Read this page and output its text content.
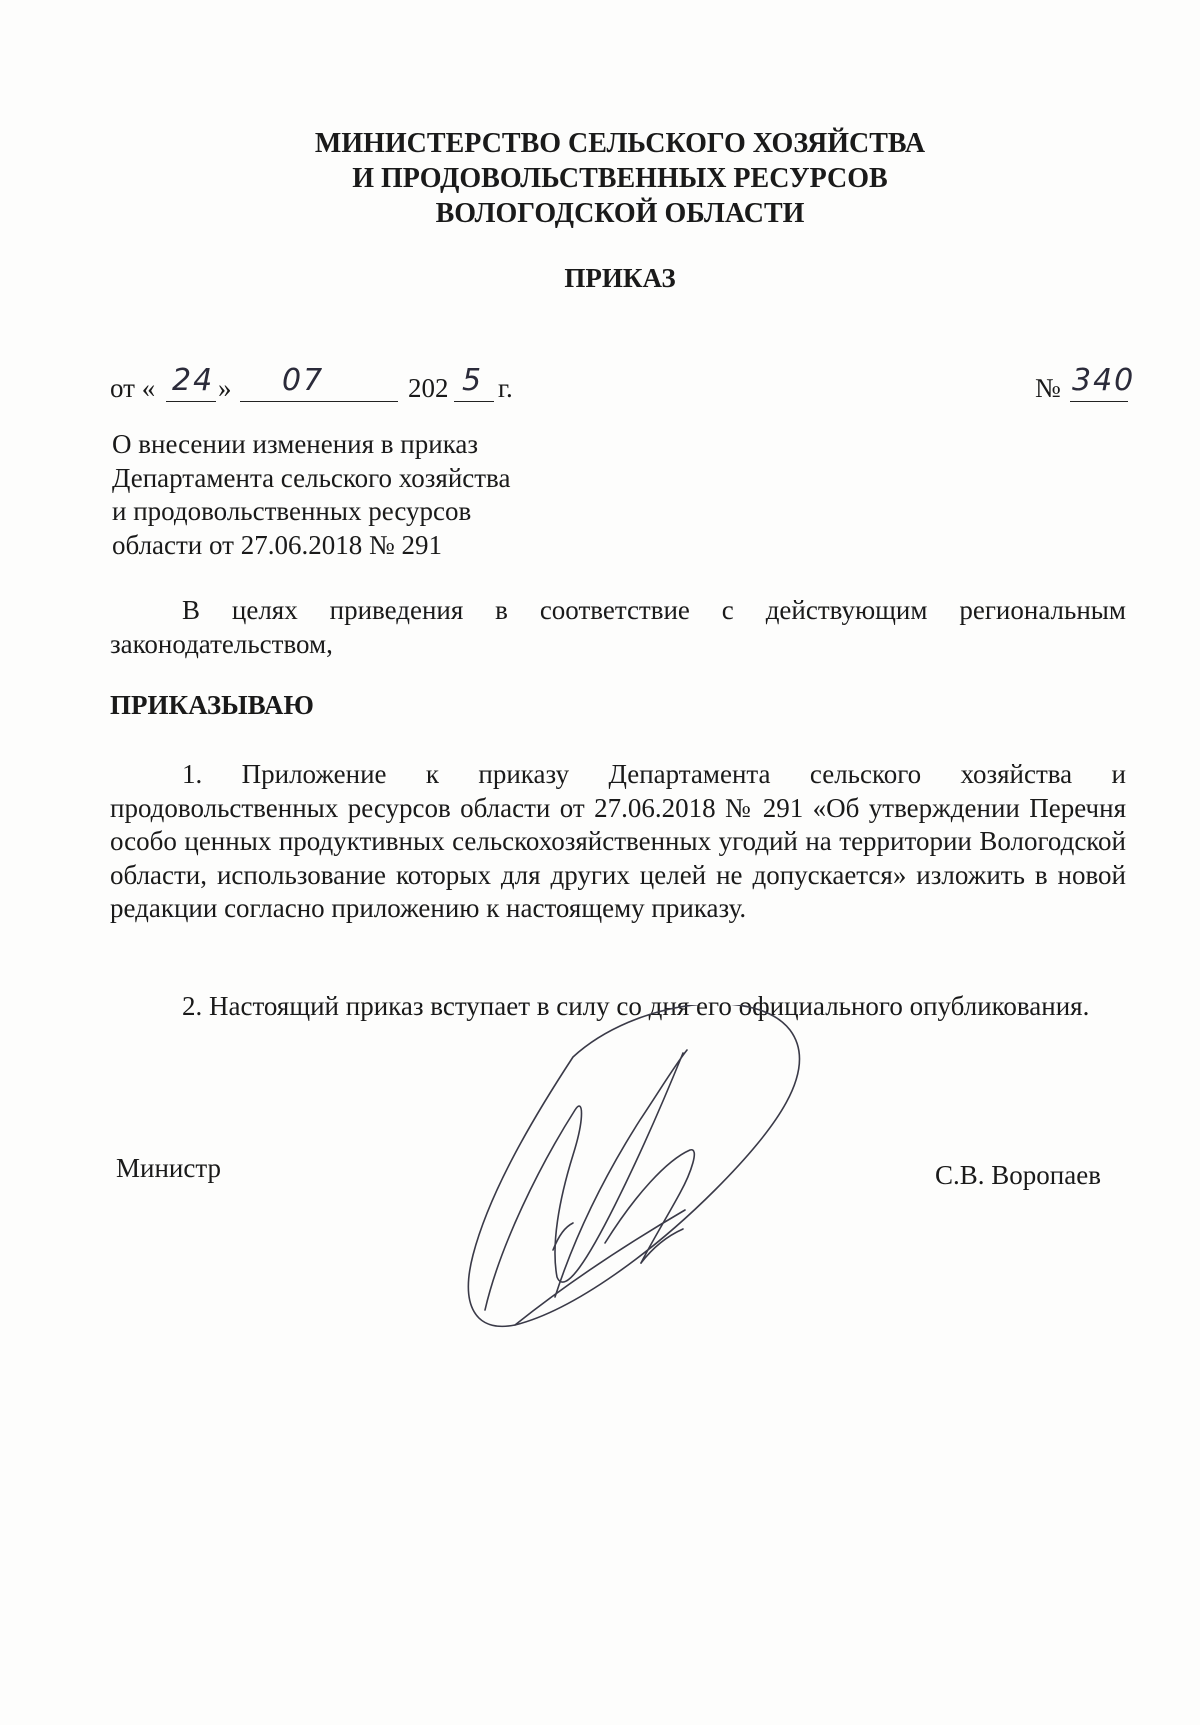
МИНИСТЕРСТВО СЕЛЬСКОГО ХОЗЯЙСТВА
И ПРОДОВОЛЬСТВЕННЫХ РЕСУРСОВ
ВОЛОГОДСКОЙ ОБЛАСТИ
ПРИКАЗ
от « 24 » 07	202 5 г.	№ 340
О внесении изменения в приказ
Департамента сельского хозяйства
и продовольственных ресурсов
области от 27.06.2018 № 291
В целях приведения в соответствие с действующим региональным законодательством,
ПРИКАЗЫВАЮ
1. Приложение к приказу Департамента сельского хозяйства и продовольственных ресурсов области от 27.06.2018 № 291 «Об утверждении Перечня особо ценных продуктивных сельскохозяйственных угодий на территории Вологодской области, использование которых для других целей не допускается» изложить в новой редакции согласно приложению к настоящему приказу.
2. Настоящий приказ вступает в силу со дня его официального опубликования.
Министр	С.В. Воропаев
